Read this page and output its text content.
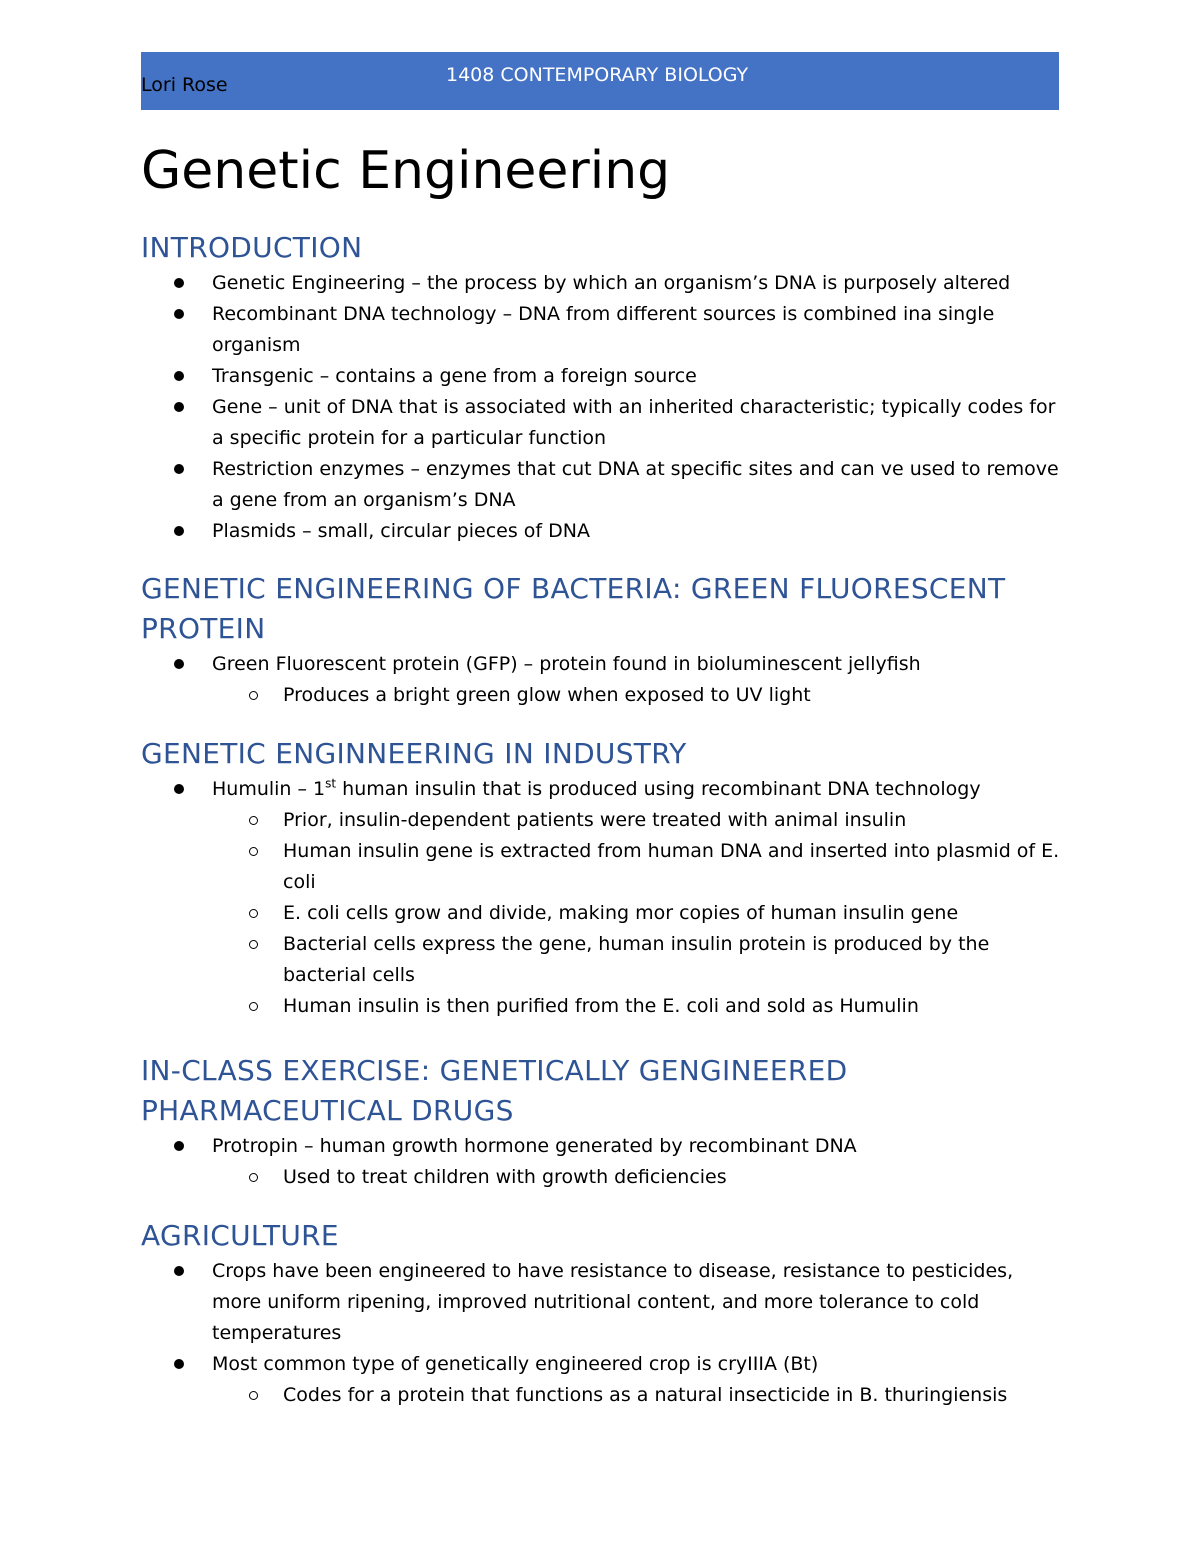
Lori Rose	1408 CONTEMPORARY BIOLOGY
Genetic Engineering
INTRODUCTION
Genetic Engineering – the process by which an organism’s DNA is purposely altered
Recombinant DNA technology – DNA from different sources is combined ina single organism
Transgenic – contains a gene from a foreign source
Gene – unit of DNA that is associated with an inherited characteristic; typically codes for a specific protein for a particular function
Restriction enzymes – enzymes that cut DNA at specific sites and can ve used to remove a gene from an organism’s DNA
Plasmids – small, circular pieces of DNA
GENETIC ENGINEERING OF BACTERIA: GREEN FLUORESCENT PROTEIN
Green Fluorescent protein (GFP) – protein found in bioluminescent jellyfish
Produces a bright green glow when exposed to UV light
GENETIC ENGINNEERING IN INDUSTRY
Humulin – 1st human insulin that is produced using recombinant DNA technology
Prior, insulin-dependent patients were treated with animal insulin
Human insulin gene is extracted from human DNA and inserted into plasmid of E. coli
E. coli cells grow and divide, making mor copies of human insulin gene
Bacterial cells express the gene, human insulin protein is produced by the bacterial cells
Human insulin is then purified from the E. coli and sold as Humulin
IN-CLASS EXERCISE: GENETICALLY GENGINEERED PHARMACEUTICAL DRUGS
Protropin – human growth hormone generated by recombinant DNA
Used to treat children with growth deficiencies
AGRICULTURE
Crops have been engineered to have resistance to disease, resistance to pesticides, more uniform ripening, improved nutritional content, and more tolerance to cold temperatures
Most common type of genetically engineered crop is cryIIIA (Bt)
Codes for a protein that functions as a natural insecticide in B. thuringiensis
